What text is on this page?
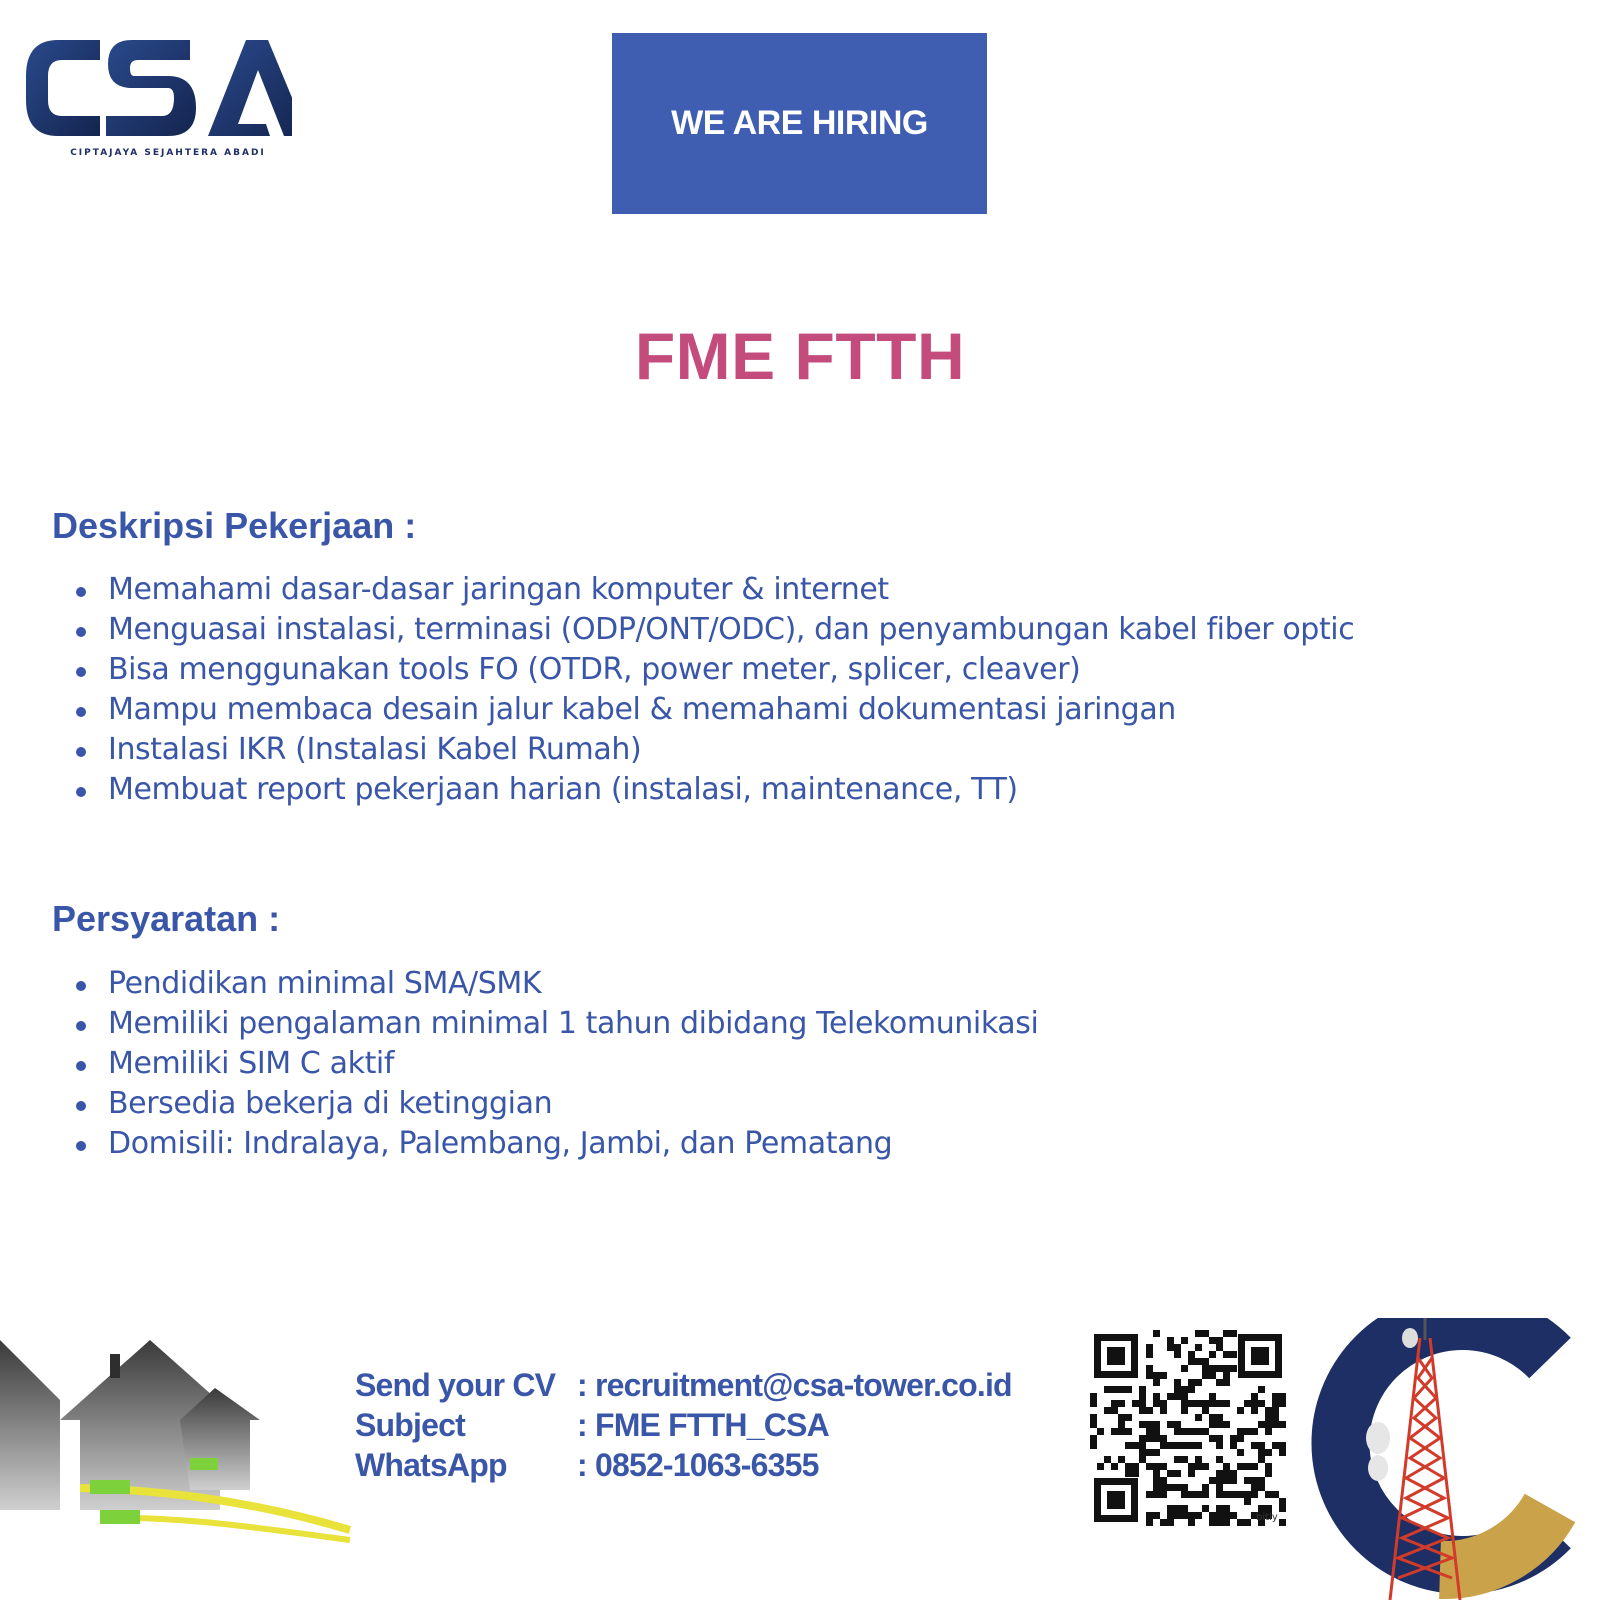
CIPTAJAYA SEJAHTERA ABADI
WE ARE HIRING
FME FTTH
Deskripsi Pekerjaan :
Memahami dasar-dasar jaringan komputer & internet
Menguasai instalasi, terminasi (ODP/ONT/ODC), dan penyambungan kabel fiber optic
Bisa menggunakan tools FO (OTDR, power meter, splicer, cleaver)
Mampu membaca desain jalur kabel & memahami dokumentasi jaringan
Instalasi IKR (Instalasi Kabel Rumah)
Membuat report pekerjaan harian (instalasi, maintenance, TT)
Persyaratan :
Pendidikan minimal SMA/SMK
Memiliki pengalaman minimal 1 tahun dibidang Telekomunikasi
Memiliki SIM C aktif
Bersedia bekerja di ketinggian
Domisili: Indralaya, Palembang, Jambi, dan Pematang
Send your CV : recruitment@csa-tower.co.id
Subject	: FME FTTH_CSA
WhatsApp	: 0852-1063-6355
bitly
